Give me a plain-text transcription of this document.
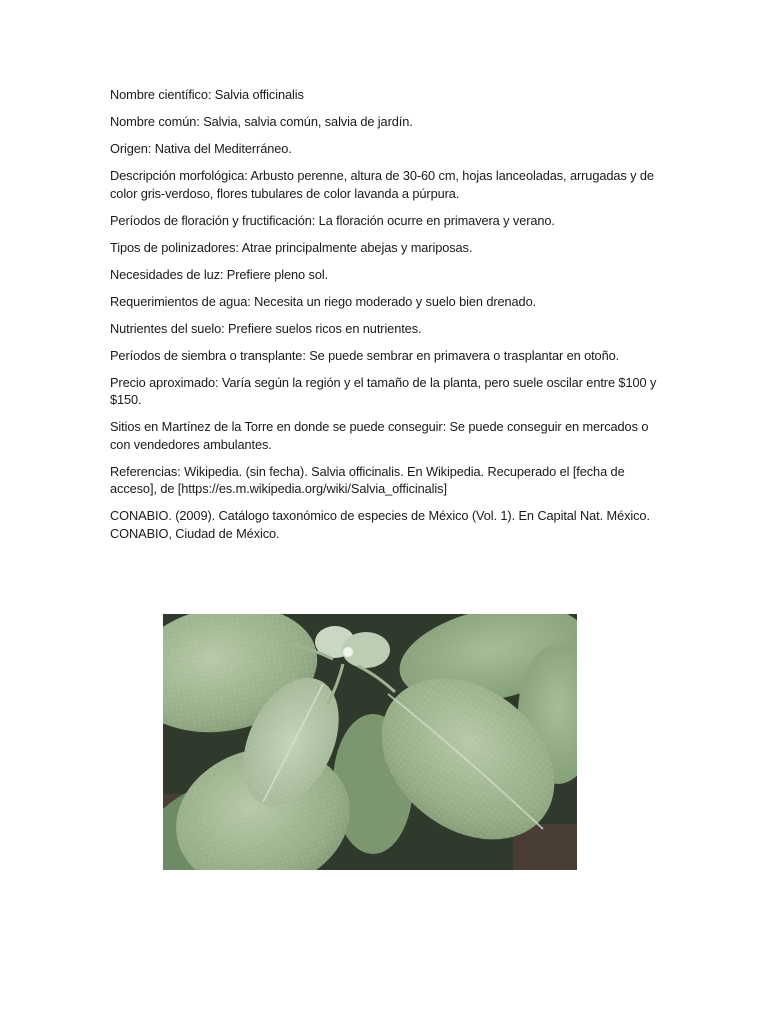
Nombre científico: Salvia officinalis

Nombre común: Salvia, salvia común, salvia de jardín.

Origen: Nativa del Mediterráneo.

Descripción morfológica: Arbusto perenne, altura de 30-60 cm, hojas lanceoladas, arrugadas y de color gris-verdoso, flores tubulares de color lavanda a púrpura.

Períodos de floración y fructificación: La floración ocurre en primavera y verano.

Tipos de polinizadores: Atrae principalmente abejas y mariposas.

Necesidades de luz: Prefiere pleno sol.

Requerimientos de agua: Necesita un riego moderado y suelo bien drenado.

Nutrientes del suelo: Prefiere suelos ricos en nutrientes.

Períodos de siembra o transplante: Se puede sembrar en primavera o trasplantar en otoño.

Precio aproximado: Varía según la región y el tamaño de la planta, pero suele oscilar entre $100 y $150.

Sitios en Martínez de la Torre en donde se puede conseguir: Se puede conseguir en mercados o con vendedores ambulantes.

Referencias: Wikipedia. (sin fecha). Salvia officinalis. En Wikipedia. Recuperado el [fecha de acceso], de [https://es.m.wikipedia.org/wiki/Salvia_officinalis]

CONABIO. (2009). Catálogo taxonómico de especies de México (Vol. 1). En Capital Nat. México. CONABIO, Ciudad de México.
